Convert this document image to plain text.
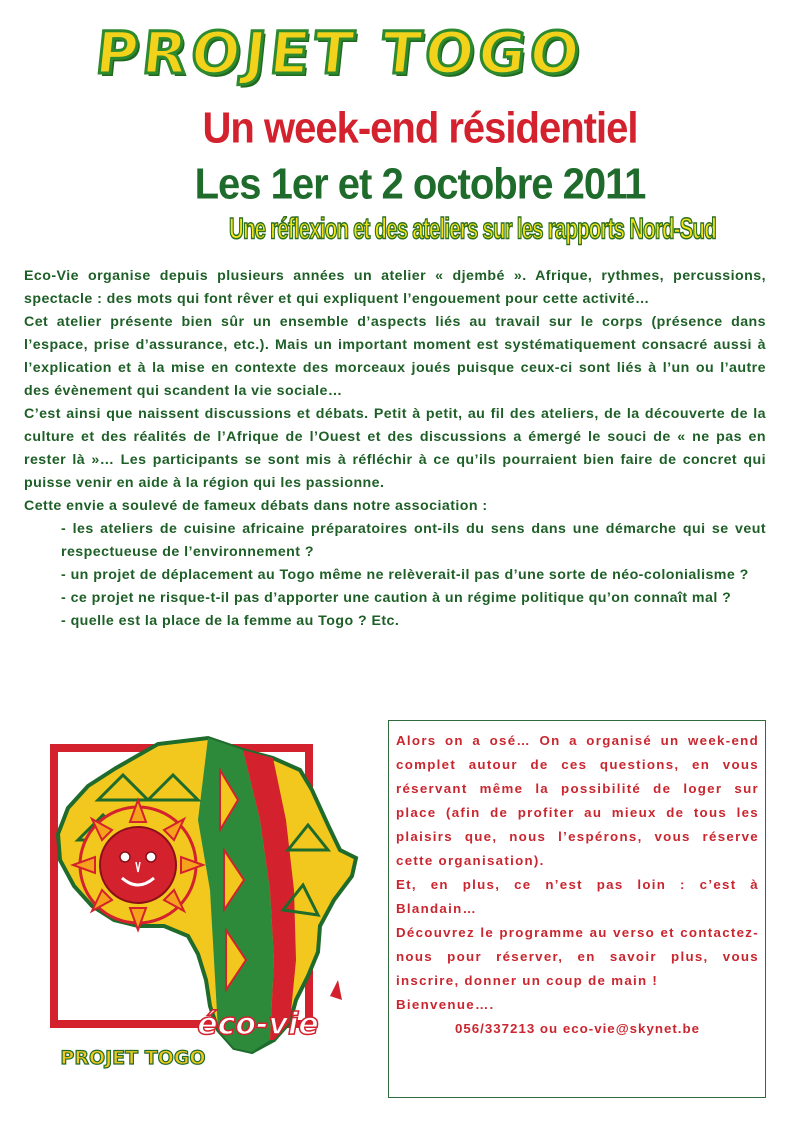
PROJET TOGO
Un week-end résidentiel
Les 1er et 2 octobre 2011
Une réflexion et des ateliers sur les rapports Nord-Sud

Eco-Vie organise depuis plusieurs années un atelier « djembé ». Afrique, rythmes, percussions, spectacle : des mots qui font rêver et qui expliquent l’engouement pour cette activité…

Cet atelier présente bien sûr un ensemble d’aspects liés au travail sur le corps (présence dans l’espace, prise d’assurance, etc.). Mais un important moment est systématiquement consacré aussi à l’explication et à la mise en contexte des morceaux joués puisque ceux-ci sont liés à l’un ou l’autre des évènement qui scandent la vie sociale…

C’est ainsi que naissent discussions et débats. Petit à petit, au fil des ateliers, de la découverte de la culture et des réalités de l’Afrique de l’Ouest et des discussions a émergé le souci de « ne pas en rester là »… Les participants se sont mis à réfléchir à ce qu’ils pourraient bien faire de concret qui puisse venir en aide à la région qui les passionne.

Cette envie a soulevé de fameux débats dans notre association :

- les ateliers de cuisine africaine préparatoires ont-ils du sens dans une démarche qui se veut respectueuse de l’environnement ?

- un projet de déplacement au Togo même ne relèverait-il pas d’une sorte de néo-colonialisme ?

- ce projet ne risque-t-il pas d’apporter une caution à un régime politique qu’on connaît mal ?

- quelle est la place de la femme au Togo ? Etc.

éco-vie
PROJET TOGO

Alors on a osé… On a organisé un week-end complet autour de ces questions, en vous réservant même la possibilité de loger sur place (afin de profiter au mieux de tous les plaisirs que, nous l’espérons, vous réserve cette organisation).

Et, en plus, ce n’est pas loin : c’est à Blandain…

Découvrez le programme au verso et contactez-nous pour réserver, en savoir plus, vous inscrire, donner un coup de main !

Bienvenue….

056/337213 ou eco-vie@skynet.be
